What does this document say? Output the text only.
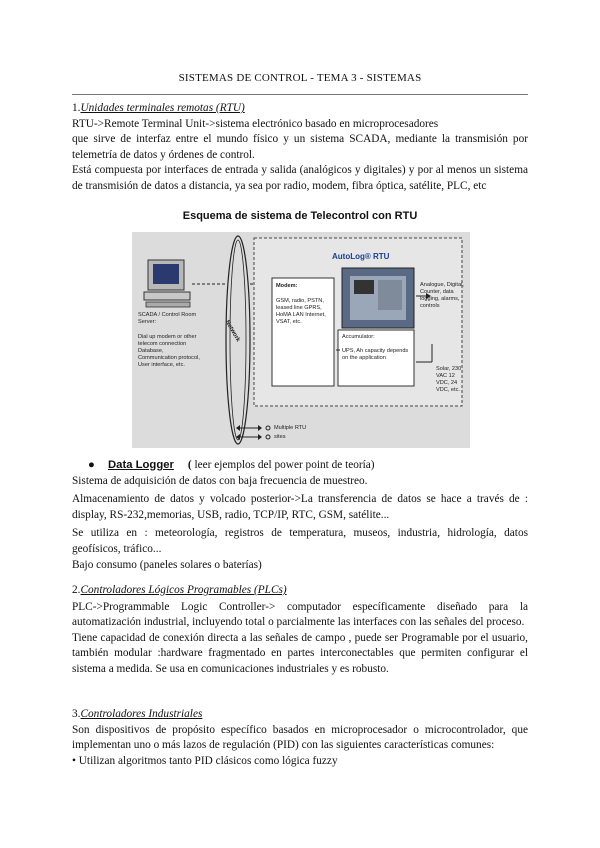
SISTEMAS DE CONTROL - TEMA 3 - SISTEMAS

1.Unidades terminales remotas (RTU)

RTU->Remote Terminal Unit->sistema electrónico basado en microprocesadores

que sirve de interfaz entre el mundo físico y un sistema SCADA, mediante la transmisión por telemetría de datos y órdenes de control.

Está compuesta por interfaces de entrada y salida (analógicos y digitales) y por al menos un sistema de transmisión de datos a distancia, ya sea por radio, modem, fibra óptica, satélite, PLC, etc

Esquema de sistema de Telecontrol con RTU
SCADA / Control Room Server:
Dial up modem or other telecom connection Database, Communication protocol, User interface, etc.
Network
AutoLog® RTU
Modem:
GSM, radio, PSTN, leased line GPRS, HoMA LAN Internet, VSAT, etc.
Accumulator:
UPS, Ah capacity depends on the application
Analogue, Digital, Counter, data logging, alarms, controls
Solar, 230 VAC 12 VDC, 24 VDC, etc.
Multiple RTU
sites

● Data Logger ( leer ejemplos del power point de teoría)

Sistema de adquisición de datos con baja frecuencia de muestreo.

Almacenamiento de datos y volcado posterior->La transferencia de datos se hace a través de : display, RS-232,memorias, USB, radio, TCP/IP, RTC, GSM, satélite...

Se utiliza en : meteorología, registros de temperatura, museos, industria, hidrología, datos geofísicos, tráfico...

Bajo consumo (paneles solares o baterías)

2.Controladores Lógicos Programables (PLCs)

PLC->Programmable Logic Controller-> computador específicamente diseñado para la automatización industrial, incluyendo total o parcialmente las interfaces con las señales del proceso.

Tiene capacidad de conexión directa a las señales de campo , puede ser Programable por el usuario, también modular :hardware fragmentado en partes interconectables que permiten configurar el sistema a medida. Se usa en comunicaciones industriales y es robusto.

3.Controladores Industriales

Son dispositivos de propósito específico basados en microprocesador o microcontrolador, que implementan uno o más lazos de regulación (PID) con las siguientes características comunes:

• Utilizan algoritmos tanto PID clásicos como lógica fuzzy
